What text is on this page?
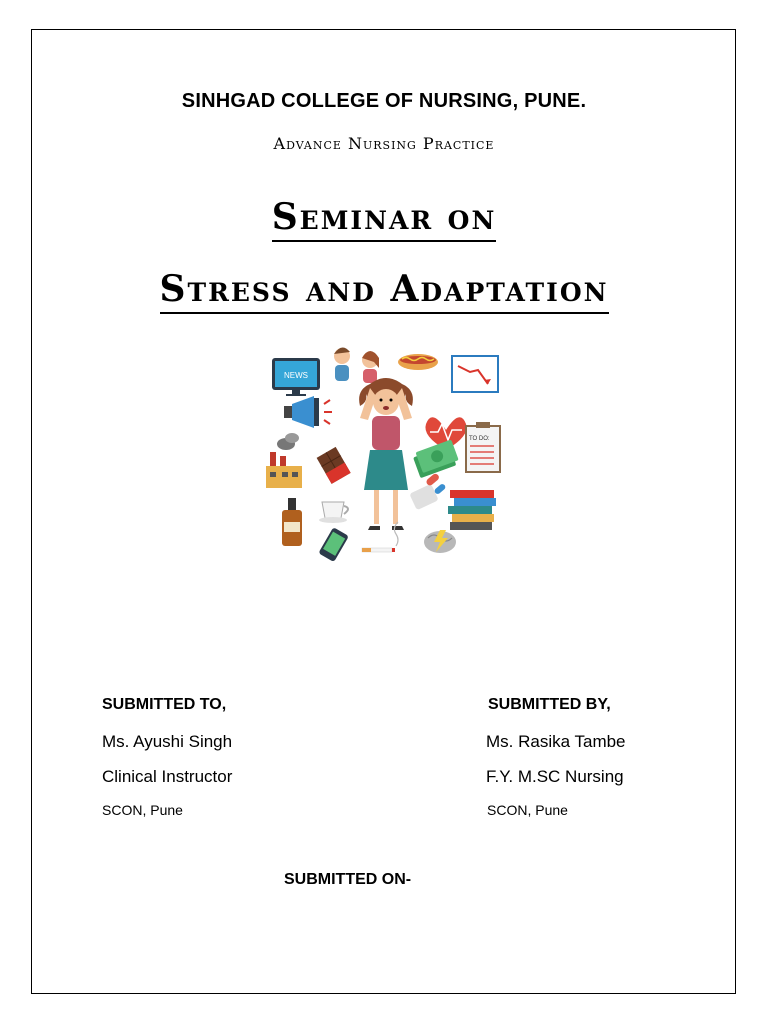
SINHGAD COLLEGE OF NURSING, PUNE.
Advance Nursing Practice
Seminar on
Stress and Adaptation
NEWS
TO DO:
SUBMITTED TO,
Ms. Ayushi Singh
Clinical Instructor
SCON, Pune
SUBMITTED BY,
Ms. Rasika Tambe
F.Y. M.SC Nursing
SCON, Pune
SUBMITTED ON-
